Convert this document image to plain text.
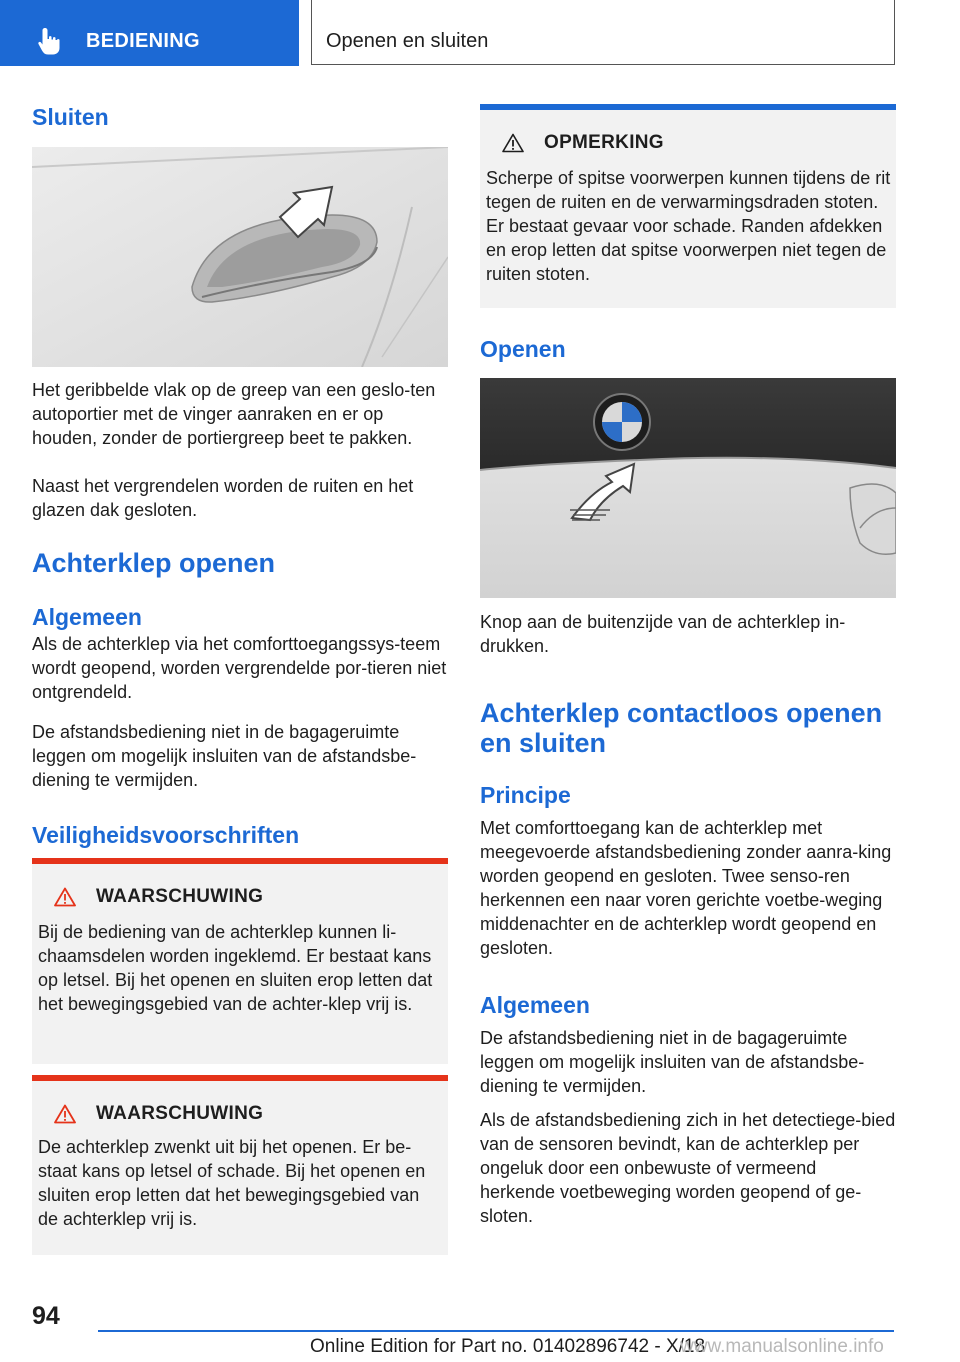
BEDIENING	Openen en sluiten
Sluiten

Het geribbelde vlak op de greep van een geslo-ten autoportier met de vinger aanraken en er op houden, zonder de portiergreep beet te pakken.

Naast het vergrendelen worden de ruiten en het glazen dak gesloten.

Achterklep openen
Algemeen

Als de achterklep via het comforttoegangssys-teem wordt geopend, worden vergrendelde por-tieren niet ontgrendeld.

De afstandsbediening niet in de bagageruimte leggen om mogelijk insluiten van de afstandsbe-diening te vermijden.

Veiligheidsvoorschriften
WAARSCHUWING

Bij de bediening van de achterklep kunnen li-chaamsdelen worden ingeklemd. Er bestaat kans op letsel. Bij het openen en sluiten erop letten dat het bewegingsgebied van de achter-klep vrij is.

WAARSCHUWING

De achterklep zwenkt uit bij het openen. Er be-staat kans op letsel of schade. Bij het openen en sluiten erop letten dat het bewegingsgebied van de achterklep vrij is.

OPMERKING

Scherpe of spitse voorwerpen kunnen tijdens de rit tegen de ruiten en de verwarmingsdraden stoten. Er bestaat gevaar voor schade. Randen afdekken en erop letten dat spitse voorwerpen niet tegen de ruiten stoten.

Openen

Knop aan de buitenzijde van de achterklep in-drukken.

Achterklep contactloos openen en sluiten
Principe

Met comforttoegang kan de achterklep met meegevoerde afstandsbediening zonder aanra-king worden geopend en gesloten. Twee senso-ren herkennen een naar voren gerichte voetbe-weging middenachter en de achterklep wordt geopend en gesloten.

Algemeen

De afstandsbediening niet in de bagageruimte leggen om mogelijk insluiten van de afstandsbe-diening te vermijden.

Als de afstandsbediening zich in het detectiege-bied van de sensoren bevindt, kan de achterklep per ongeluk door een onbewuste of vermeend herkende voetbeweging worden geopend of ge-sloten.

94
Online Edition for Part no. 01402896742 - X/18
www.manualsonline.info
